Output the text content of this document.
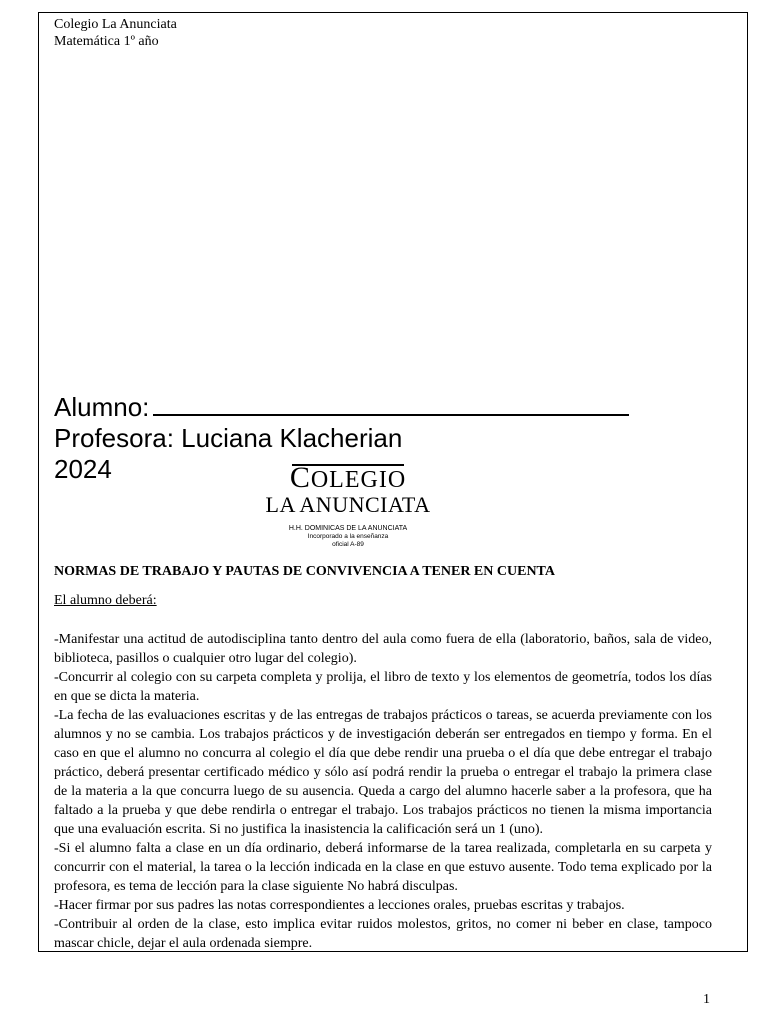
Colegio La Anunciata
Matemática 1º año
Alumno:
Profesora: Luciana Klacherian
2024	COLEGIO
LA ANUNCIATA
H.H. DOMINICAS DE LA ANUNCIATA
Incorporado a la enseñanza
oficial A-89

NORMAS DE TRABAJO Y PAUTAS DE CONVIVENCIA A TENER EN CUENTA

El alumno deberá:

-Manifestar una actitud de autodisciplina tanto dentro del aula como fuera de ella (laboratorio, baños, sala de video, biblioteca, pasillos o cualquier otro lugar del colegio).

-Concurrir al colegio con su carpeta completa y prolija, el libro de texto y los elementos de geometría, todos los días en que se dicta la materia.

-La fecha de las evaluaciones escritas y de las entregas de trabajos prácticos o tareas, se acuerda previamente con los alumnos y no se cambia. Los trabajos prácticos y de investigación deberán ser entregados en tiempo y forma. En el caso en que el alumno no concurra al colegio el día que debe rendir una prueba o el día que debe entregar el trabajo práctico, deberá presentar certificado médico y sólo así podrá rendir la prueba o entregar el trabajo la primera clase de la materia a la que concurra luego de su ausencia. Queda a cargo del alumno hacerle saber a la profesora, que ha faltado a la prueba y que debe rendirla o entregar el trabajo. Los trabajos prácticos no tienen la misma importancia que una evaluación escrita. Si no justifica la inasistencia la calificación será un 1 (uno).

-Si el alumno falta a clase en un día ordinario, deberá informarse de la tarea realizada, completarla en su carpeta y concurrir con el material, la tarea o la lección indicada en la clase en que estuvo ausente. Todo tema explicado por la profesora, es tema de lección para la clase siguiente No habrá disculpas.

-Hacer firmar por sus padres las notas correspondientes a lecciones orales, pruebas escritas y trabajos.

-Contribuir al orden de la clase, esto implica evitar ruidos molestos, gritos, no comer ni beber en clase, tampoco mascar chicle, dejar el aula ordenada siempre.

1
